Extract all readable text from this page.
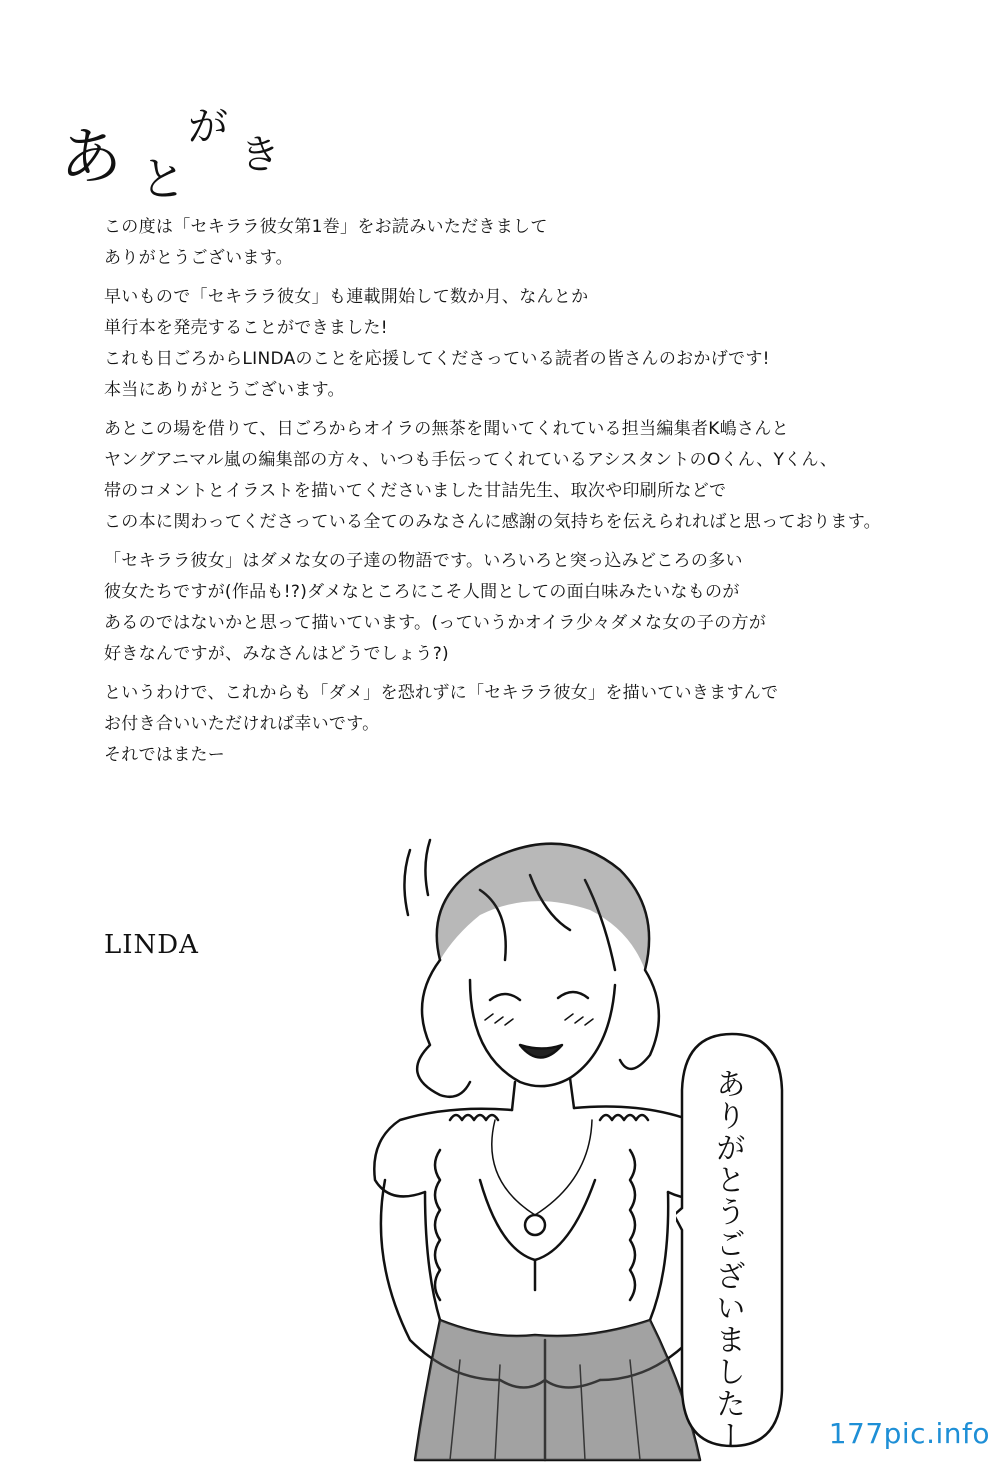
あ と
が
き
この度は「セキララ彼女第1巻」をお読みいただきまして
ありがとうございます。
早いもので「セキララ彼女」も連載開始して数か月、なんとか
単行本を発売することができました!
これも日ごろからLINDAのことを応援してくださっている読者の皆さんのおかげです!
本当にありがとうございます。
あとこの場を借りて、日ごろからオイラの無茶を聞いてくれている担当編集者K嶋さんと
ヤングアニマル嵐の編集部の方々、いつも手伝ってくれているアシスタントのOくん、Yくん、
帯のコメントとイラストを描いてくださいました甘詰先生、取次や印刷所などで
この本に関わってくださっている全てのみなさんに感謝の気持ちを伝えられればと思っております。
「セキララ彼女」はダメな女の子達の物語です。いろいろと突っ込みどころの多い
彼女たちですが(作品も!?)ダメなところにこそ人間としての面白味みたいなものが
あるのではないかと思って描いています。(っていうかオイラ少々ダメな女の子の方が
好きなんですが、みなさんはどうでしょう?)
というわけで、これからも「ダメ」を恐れずに「セキララ彼女」を描いていきますんで
お付き合いいただければ幸いです。
それではまたー
LINDA
ありがとうございましたー	177pic.info
